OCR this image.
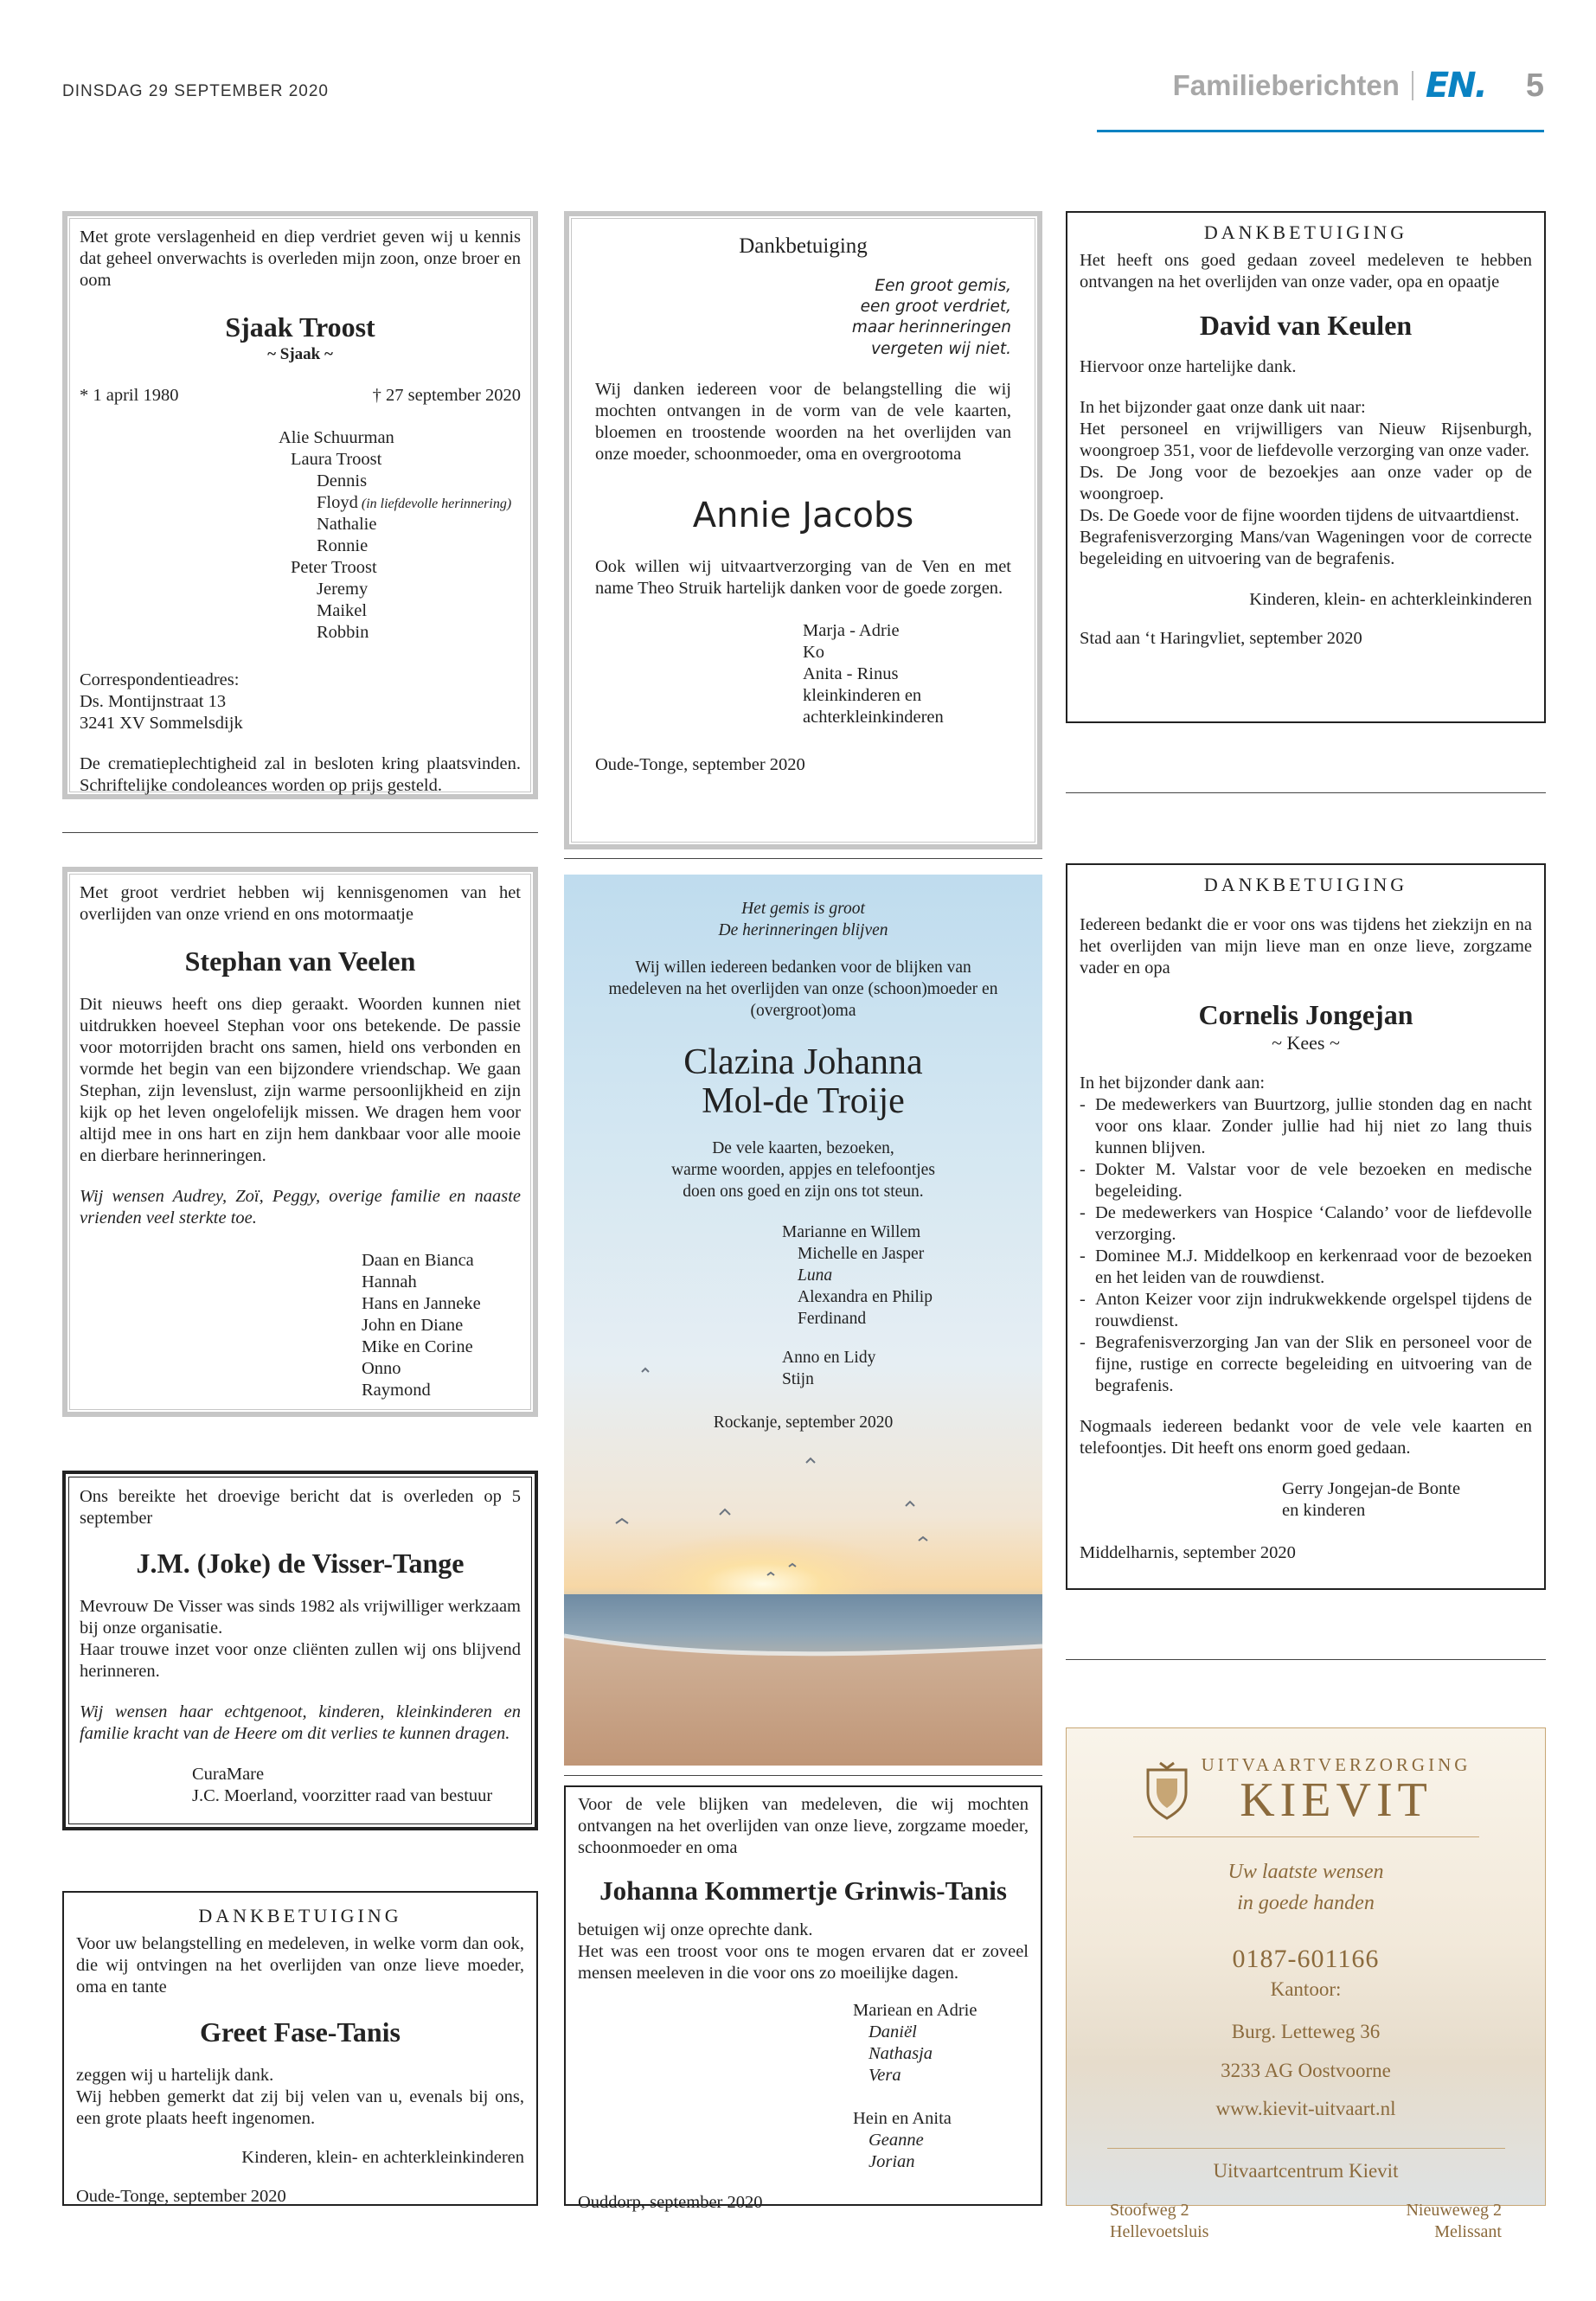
DINSDAG 29 SEPTEMBER 2020	Familieberichten EN. 5

Met grote verslagenheid en diep verdriet geven wij u kennis dat geheel onverwachts is overleden mijn zoon, onze broer en oom

Sjaak Troost

~ Sjaak ~

* 1 april 1980	† 27 september 2020

Alie Schuurman

Laura Troost

Dennis

Floyd (in liefdevolle herinnering)

Nathalie

Ronnie

Peter Troost

Jeremy

Maikel

Robbin

Correspondentieadres:

Ds. Montijnstraat 13

3241 XV Sommelsdijk

De crematieplechtigheid zal in besloten kring plaatsvinden. Schriftelijke condoleances worden op prijs gesteld.

Met groot verdriet hebben wij kennisgenomen van het overlijden van onze vriend en ons motormaatje

Stephan van Veelen

Dit nieuws heeft ons diep geraakt. Woorden kunnen niet uitdrukken hoeveel Stephan voor ons betekende. De passie voor motorrijden bracht ons samen, hield ons verbonden en vormde het begin van een bijzondere vriendschap. We gaan Stephan, zijn levenslust, zijn warme persoonlijkheid en zijn kijk op het leven ongelofelijk missen. We dragen hem voor altijd mee in ons hart en zijn hem dankbaar voor alle mooie en dierbare herinneringen.

Wij wensen Audrey, Zoï, Peggy, overige familie en naaste vrienden veel sterkte toe.

Daan en Bianca

Hannah

Hans en Janneke

John en Diane

Mike en Corine

Onno

Raymond

Ons bereikte het droevige bericht dat is overleden op 5 september

J.M. (Joke) de Visser-Tange

Mevrouw De Visser was sinds 1982 als vrijwilliger werkzaam bij onze organisatie.

Haar trouwe inzet voor onze cliënten zullen wij ons blijvend herinneren.

Wij wensen haar echtgenoot, kinderen, kleinkinderen en familie kracht van de Heere om dit verlies te kunnen dragen.

CuraMare

J.C. Moerland, voorzitter raad van bestuur

DANKBETUIGING

Voor uw belangstelling en medeleven, in welke vorm dan ook, die wij ontvingen na het overlijden van onze lieve moeder, oma en tante

Greet Fase-Tanis

zeggen wij u hartelijk dank.

Wij hebben gemerkt dat zij bij velen van u, evenals bij ons, een grote plaats heeft ingenomen.

Kinderen, klein- en achterkleinkinderen

Oude-Tonge, september 2020

Dankbetuiging

Een groot gemis,

een groot verdriet,

maar herinneringen

vergeten wij niet.

Wij danken iedereen voor de belangstelling die wij mochten ontvangen in de vorm van de vele kaarten, bloemen en troostende woorden na het overlijden van onze moeder, schoonmoeder, oma en overgrootoma

Annie Jacobs

Ook willen wij uitvaartverzorging van de Ven en met name Theo Struik hartelijk danken voor de goede zorgen.

Marja - Adrie

Ko

Anita - Rinus

kleinkinderen en

achterkleinkinderen

Oude-Tonge, september 2020

Het gemis is groot

De herinneringen blijven

Wij willen iedereen bedanken voor de blijken van medeleven na het overlijden van onze (schoon)moeder en (overgroot)oma

Clazina Johanna

Mol-de Troije

De vele kaarten, bezoeken,

warme woorden, appjes en telefoontjes

doen ons goed en zijn ons tot steun.

Marianne en Willem

Michelle en Jasper

Luna

Alexandra en Philip

Ferdinand

Anno en Lidy

Stijn

Rockanje, september 2020

Voor de vele blijken van medeleven, die wij mochten ontvangen na het overlijden van onze lieve, zorgzame moeder, schoonmoeder en oma

Johanna Kommertje Grinwis-Tanis

betuigen wij onze oprechte dank.

Het was een troost voor ons te mogen ervaren dat er zoveel mensen meeleven in die voor ons zo moeilijke dagen.

Mariean en Adrie

Daniël

Nathasja

Vera

Hein en Anita

Geanne

Jorian

Ouddorp, september 2020

DANKBETUIGING

Het heeft ons goed gedaan zoveel medeleven te hebben ontvangen na het overlijden van onze vader, opa en opaatje

David van Keulen

Hiervoor onze hartelijke dank.

In het bijzonder gaat onze dank uit naar:

Het personeel en vrijwilligers van Nieuw Rijsenburgh, woongroep 351, voor de liefdevolle verzorging van onze vader.

Ds. De Jong voor de bezoekjes aan onze vader op de woongroep.

Ds. De Goede voor de fijne woorden tijdens de uitvaartdienst.

Begrafenisverzorging Mans/van Wageningen voor de correcte begeleiding en uitvoering van de begrafenis.

Kinderen, klein- en achterkleinkinderen

Stad aan ‘t Haringvliet, september 2020

DANKBETUIGING

Iedereen bedankt die er voor ons was tijdens het ziekzijn en na het overlijden van mijn lieve man en onze lieve, zorgzame vader en opa

Cornelis Jongejan

~ Kees ~

In het bijzonder dank aan:

- De medewerkers van Buurtzorg, jullie stonden dag en nacht voor ons klaar. Zonder jullie had hij niet zo lang thuis kunnen blijven.
- Dokter M. Valstar voor de vele bezoeken en medische begeleiding.
- De medewerkers van Hospice ‘Calando’ voor de liefdevolle verzorging.
- Dominee M.J. Middelkoop en kerkenraad voor de bezoeken en het leiden van de rouwdienst.
- Anton Keizer voor zijn indrukwekkende orgelspel tijdens de rouwdienst.
- Begrafenisverzorging Jan van der Slik en personeel voor de fijne, rustige en correcte begeleiding en uitvoering van de begrafenis.

Nogmaals iedereen bedankt voor de vele vele kaarten en telefoontjes. Dit heeft ons enorm goed gedaan.

Gerry Jongejan-de Bonte

en kinderen

Middelharnis, september 2020

UITVAARTVERZORGING

KIEVIT

Uw laatste wensen

in goede handen

0187-601166

Kantoor:

Burg. Letteweg 36

3233 AG Oostvoorne

www.kievit-uitvaart.nl

Uitvaartcentrum Kievit

Stoofweg 2

Hellevoetsluis

Nieuweweg 2

Melissant
